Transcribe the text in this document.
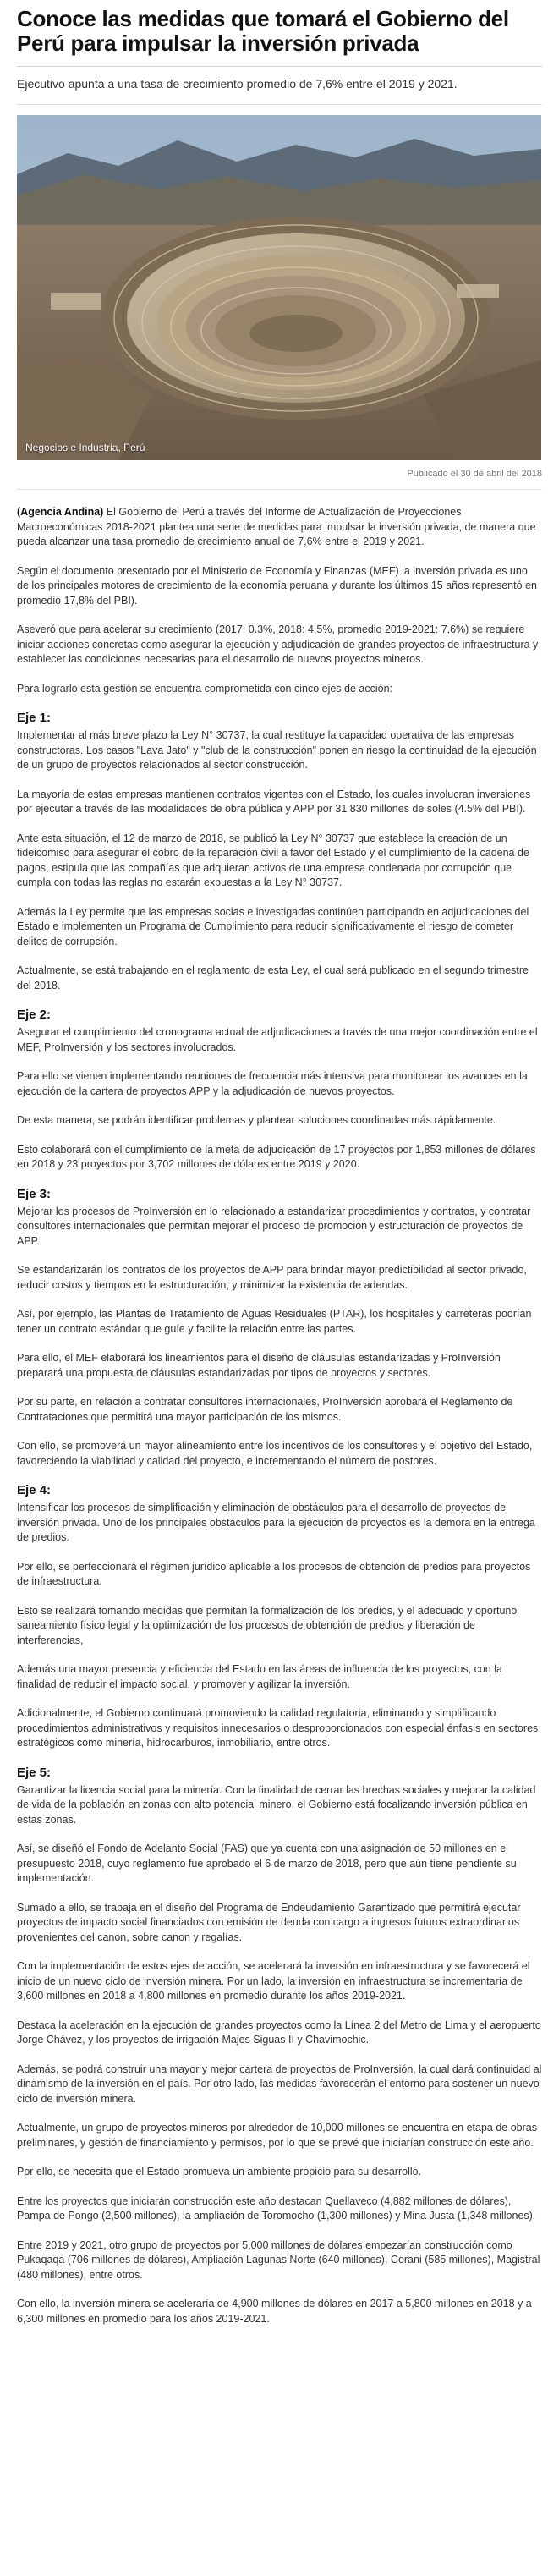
Conoce las medidas que tomará el Gobierno del Perú para impulsar la inversión privada

Ejecutivo apunta a una tasa de crecimiento promedio de 7,6% entre el 2019 y 2021.

Negocios e Industria, Perú
Publicado el 30 de abril del 2018

(Agencia Andina) El Gobierno del Perú a través del Informe de Actualización de Proyecciones Macroeconómicas 2018-2021 plantea una serie de medidas para impulsar la inversión privada, de manera que pueda alcanzar una tasa promedio de crecimiento anual de 7,6% entre el 2019 y 2021.

Según el documento presentado por el Ministerio de Economía y Finanzas (MEF) la inversión privada es uno de los principales motores de crecimiento de la economía peruana y durante los últimos 15 años representó en promedio 17,8% del PBI).

Aseveró que para acelerar su crecimiento (2017: 0.3%, 2018: 4,5%, promedio 2019-2021: 7,6%) se requiere iniciar acciones concretas como asegurar la ejecución y adjudicación de grandes proyectos de infraestructura y establecer las condiciones necesarias para el desarrollo de nuevos proyectos mineros.

Para lograrlo esta gestión se encuentra comprometida con cinco ejes de acción:

Eje 1:

Implementar al más breve plazo la Ley N° 30737, la cual restituye la capacidad operativa de las empresas constructoras. Los casos "Lava Jato" y "club de la construcción" ponen en riesgo la continuidad de la ejecución de un grupo de proyectos relacionados al sector construcción.

La mayoría de estas empresas mantienen contratos vigentes con el Estado, los cuales involucran inversiones por ejecutar a través de las modalidades de obra pública y APP por 31 830 millones de soles (4.5% del PBI).

Ante esta situación, el 12 de marzo de 2018, se publicó la Ley N° 30737 que establece la creación de un fideicomiso para asegurar el cobro de la reparación civil a favor del Estado y el cumplimiento de la cadena de pagos, estipula que las compañías que adquieran activos de una empresa condenada por corrupción que cumpla con todas las reglas no estarán expuestas a la Ley N° 30737.

Además la Ley permite que las empresas socias e investigadas continúen participando en adjudicaciones del Estado e implementen un Programa de Cumplimiento para reducir significativamente el riesgo de cometer delitos de corrupción.

Actualmente, se está trabajando en el reglamento de esta Ley, el cual será publicado en el segundo trimestre del 2018.

Eje 2:

Asegurar el cumplimiento del cronograma actual de adjudicaciones a través de una mejor coordinación entre el MEF, ProInversión y los sectores involucrados.

Para ello se vienen implementando reuniones de frecuencia más intensiva para monitorear los avances en la ejecución de la cartera de proyectos APP y la adjudicación de nuevos proyectos.

De esta manera, se podrán identificar problemas y plantear soluciones coordinadas más rápidamente.

Esto colaborará con el cumplimiento de la meta de adjudicación de 17 proyectos por 1,853 millones de dólares en 2018 y 23 proyectos por 3,702 millones de dólares entre 2019 y 2020.

Eje 3:

Mejorar los procesos de ProInversión en lo relacionado a estandarizar procedimientos y contratos, y contratar consultores internacionales que permitan mejorar el proceso de promoción y estructuración de proyectos de APP.

Se estandarizarán los contratos de los proyectos de APP para brindar mayor predictibilidad al sector privado, reducir costos y tiempos en la estructuración, y minimizar la existencia de adendas.

Así, por ejemplo, las Plantas de Tratamiento de Aguas Residuales (PTAR), los hospitales y carreteras podrían tener un contrato estándar que guíe y facilite la relación entre las partes.

Para ello, el MEF elaborará los lineamientos para el diseño de cláusulas estandarizadas y ProInversión preparará una propuesta de cláusulas estandarizadas por tipos de proyectos y sectores.

Por su parte, en relación a contratar consultores internacionales, ProInversión aprobará el Reglamento de Contrataciones que permitirá una mayor participación de los mismos.

Con ello, se promoverá un mayor alineamiento entre los incentivos de los consultores y el objetivo del Estado, favoreciendo la viabilidad y calidad del proyecto, e incrementando el número de postores.

Eje 4:

Intensificar los procesos de simplificación y eliminación de obstáculos para el desarrollo de proyectos de inversión privada. Uno de los principales obstáculos para la ejecución de proyectos es la demora en la entrega de predios.

Por ello, se perfeccionará el régimen jurídico aplicable a los procesos de obtención de predios para proyectos de infraestructura.

Esto se realizará tomando medidas que permitan la formalización de los predios, y el adecuado y oportuno saneamiento físico legal y la optimización de los procesos de obtención de predios y liberación de interferencias,

Además una mayor presencia y eficiencia del Estado en las áreas de influencia de los proyectos, con la finalidad de reducir el impacto social, y promover y agilizar la inversión.

Adicionalmente, el Gobierno continuará promoviendo la calidad regulatoria, eliminando y simplificando procedimientos administrativos y requisitos innecesarios o desproporcionados con especial énfasis en sectores estratégicos como minería, hidrocarburos, inmobiliario, entre otros.

Eje 5:

Garantizar la licencia social para la minería. Con la finalidad de cerrar las brechas sociales y mejorar la calidad de vida de la población en zonas con alto potencial minero, el Gobierno está focalizando inversión pública en estas zonas.

Así, se diseñó el Fondo de Adelanto Social (FAS) que ya cuenta con una asignación de 50 millones en el presupuesto 2018, cuyo reglamento fue aprobado el 6 de marzo de 2018, pero que aún tiene pendiente su implementación.

Sumado a ello, se trabaja en el diseño del Programa de Endeudamiento Garantizado que permitirá ejecutar proyectos de impacto social financiados con emisión de deuda con cargo a ingresos futuros extraordinarios provenientes del canon, sobre canon y regalías.

Con la implementación de estos ejes de acción, se acelerará la inversión en infraestructura y se favorecerá el inicio de un nuevo ciclo de inversión minera. Por un lado, la inversión en infraestructura se incrementaría de 3,600 millones en 2018 a 4,800 millones en promedio durante los años 2019-2021.

Destaca la aceleración en la ejecución de grandes proyectos como la Línea 2 del Metro de Lima y el aeropuerto Jorge Chávez, y los proyectos de irrigación Majes Siguas II y Chavimochic.

Además, se podrá construir una mayor y mejor cartera de proyectos de ProInversión, la cual dará continuidad al dinamismo de la inversión en el país. Por otro lado, las medidas favorecerán el entorno para sostener un nuevo ciclo de inversión minera.

Actualmente, un grupo de proyectos mineros por alrededor de 10,000 millones se encuentra en etapa de obras preliminares, y gestión de financiamiento y permisos, por lo que se prevé que iniciarían construcción este año.

Por ello, se necesita que el Estado promueva un ambiente propicio para su desarrollo.

Entre los proyectos que iniciarán construcción este año destacan Quellaveco (4,882 millones de dólares), Pampa de Pongo (2,500 millones), la ampliación de Toromocho (1,300 millones) y Mina Justa (1,348 millones).

Entre 2019 y 2021, otro grupo de proyectos por 5,000 millones de dólares empezarían construcción como Pukaqaqa (706 millones de dólares), Ampliación Lagunas Norte (640 millones), Corani (585 millones), Magistral (480 millones), entre otros.

Con ello, la inversión minera se aceleraría de 4,900 millones de dólares en 2017 a 5,800 millones en 2018 y a 6,300 millones en promedio para los años 2019-2021.
